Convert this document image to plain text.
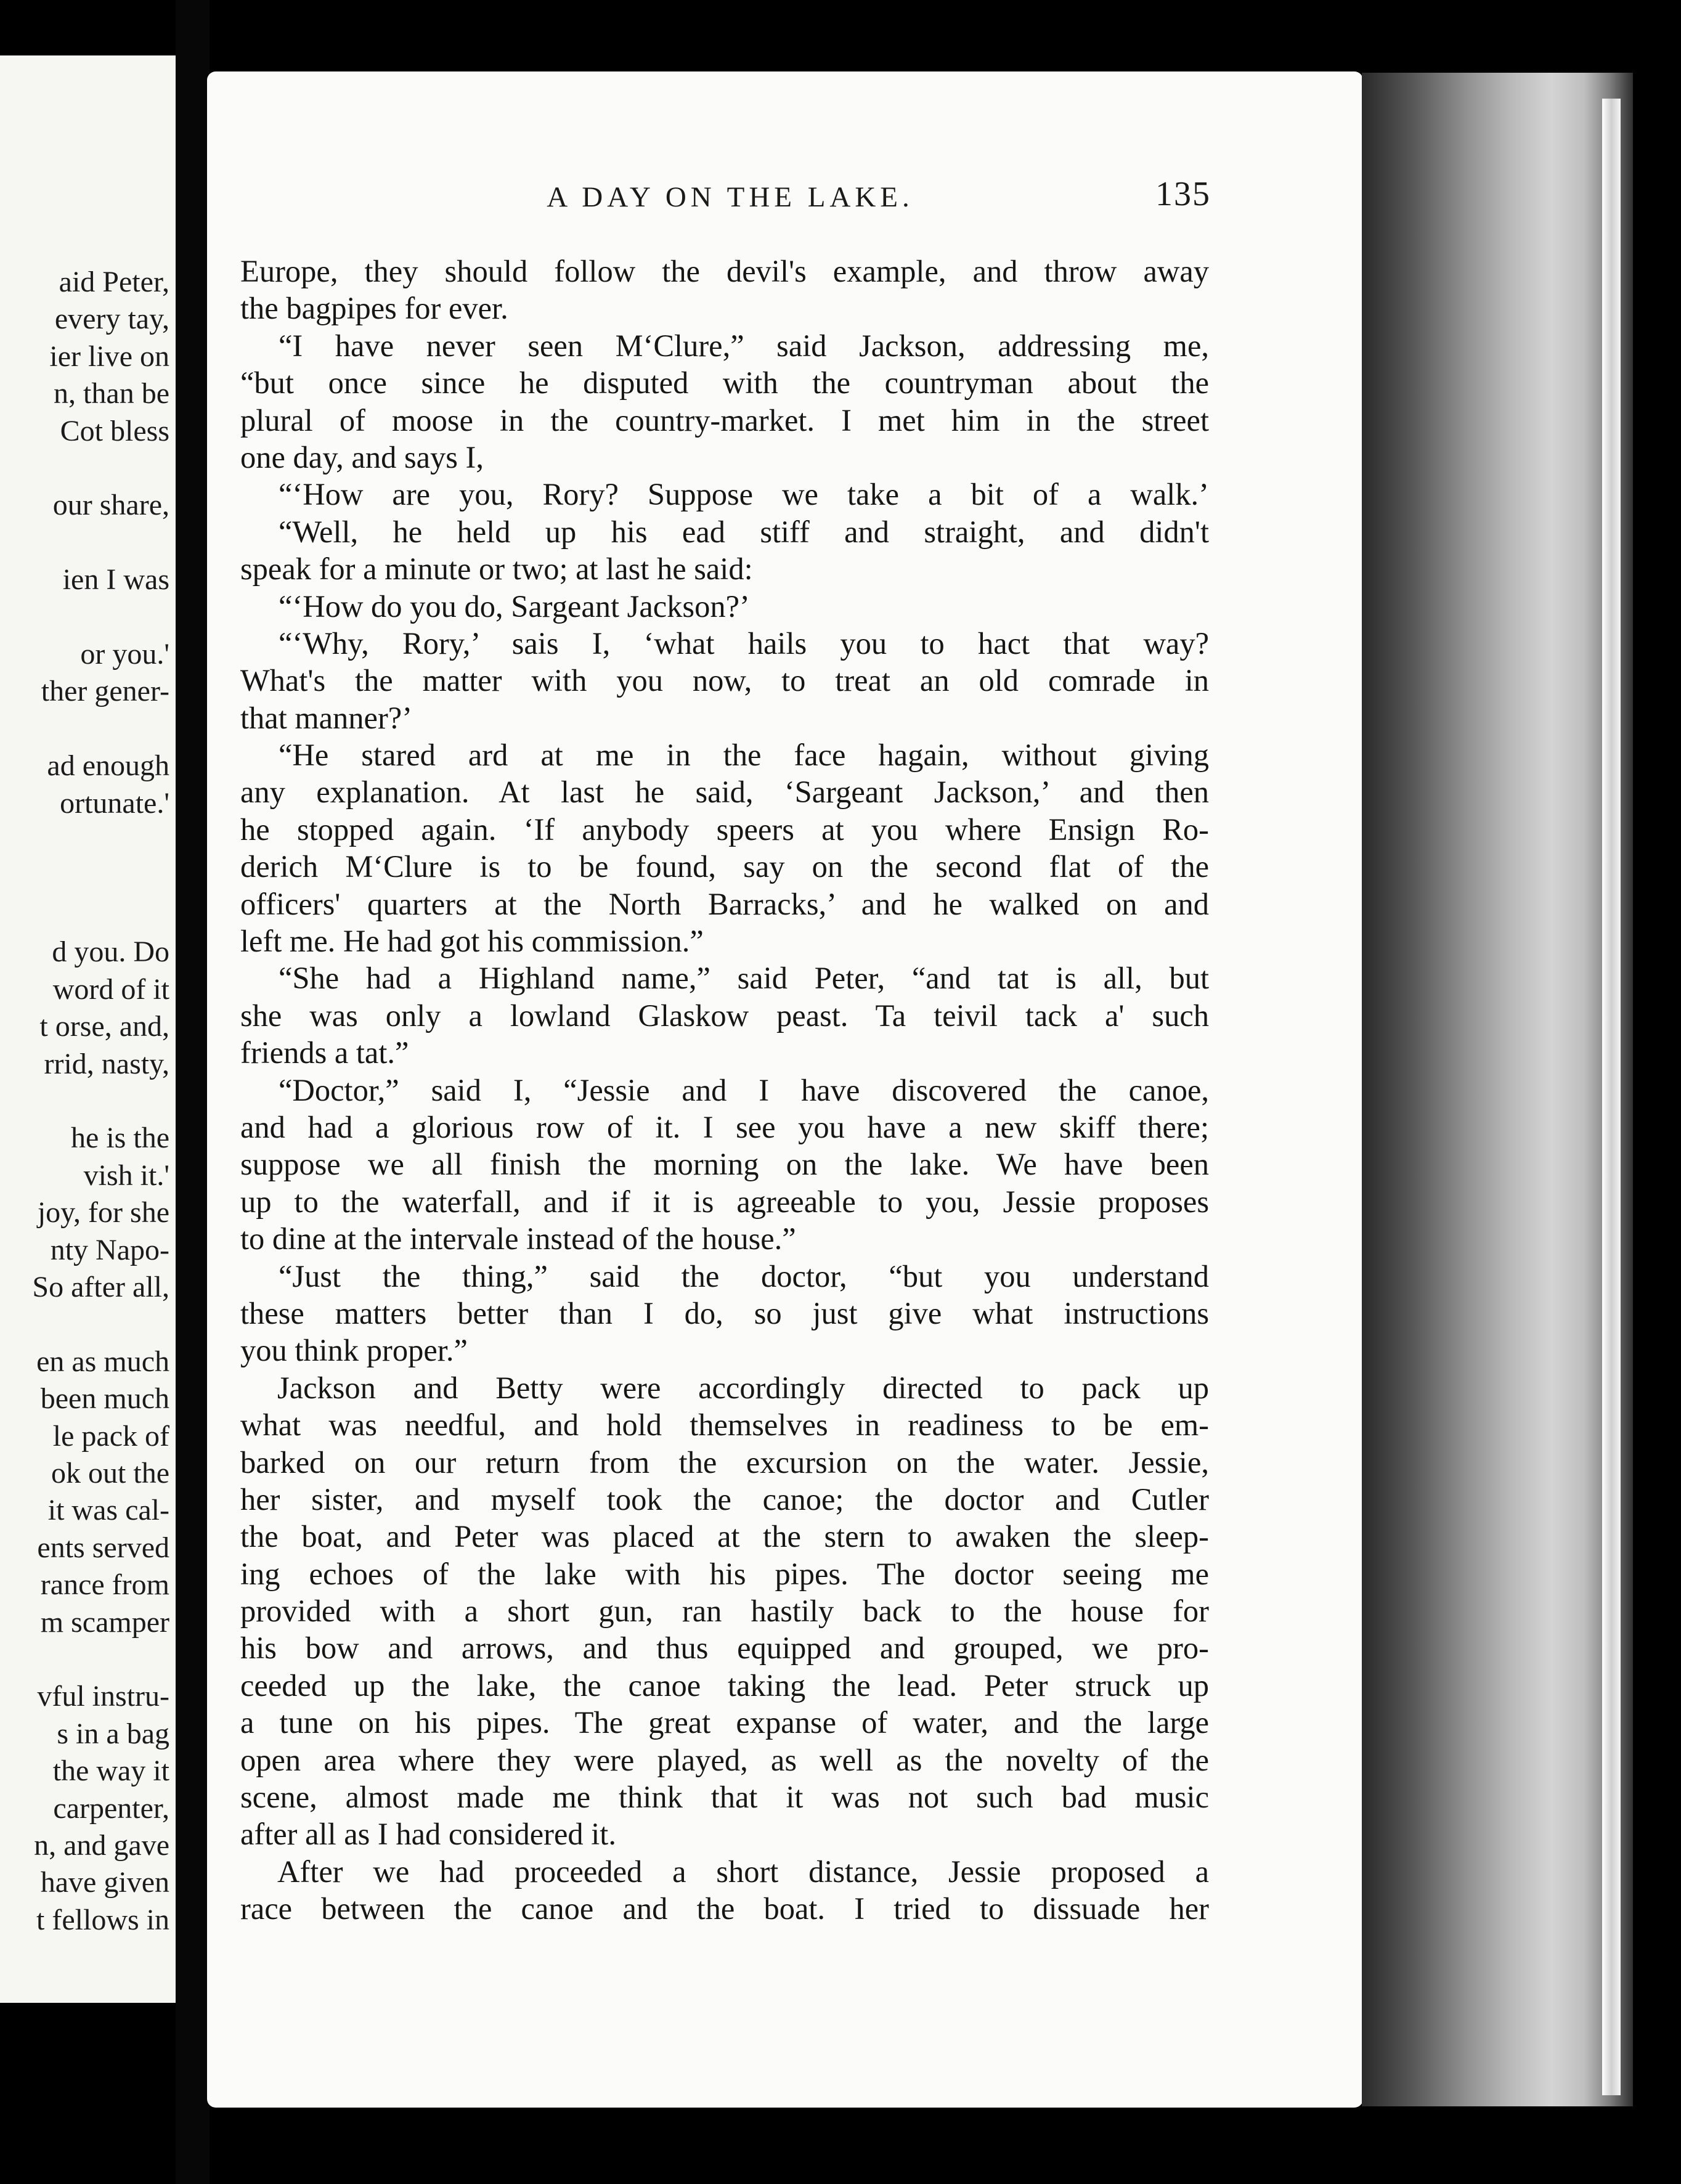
aid Peter,
every tay,
ier live on
n, than be
Cot bless

our share,

ien I was

or you.'
ther gener-

ad enough
ortunate.'

d you. Do
word of it
t orse, and,
rrid, nasty,

he is the
vish it.'
joy, for she
nty Napo-
So after all,

en as much
been much
le pack of
ok out the
it was cal-
ents served
rance from
m scamper

vful instru-
s in a bag
the way it
carpenter,
n, and gave
have given
t fellows in
A DAY ON THE LAKE.	135
Europe, they should follow the devil's example, and throw away
the bagpipes for ever.
“I have never seen M‘Clure,” said Jackson, addressing me,
“but once since he disputed with the countryman about the
plural of moose in the country-market. I met him in the street
one day, and says I,
“‘How are you, Rory? Suppose we take a bit of a walk.’
“Well, he held up his ead stiff and straight, and didn't
speak for a minute or two; at last he said:
“‘How do you do, Sargeant Jackson?’
“‘Why, Rory,’ sais I, ‘what hails you to hact that way?
What's the matter with you now, to treat an old comrade in
that manner?’
“He stared ard at me in the face hagain, without giving
any explanation. At last he said, ‘Sargeant Jackson,’ and then
he stopped again. ‘If anybody speers at you where Ensign Ro-
derich M‘Clure is to be found, say on the second flat of the
officers' quarters at the North Barracks,’ and he walked on and
left me. He had got his commission.”
“She had a Highland name,” said Peter, “and tat is all, but
she was only a lowland Glaskow peast. Ta teivil tack a' such
friends a tat.”
“Doctor,” said I, “Jessie and I have discovered the canoe,
and had a glorious row of it. I see you have a new skiff there;
suppose we all finish the morning on the lake. We have been
up to the waterfall, and if it is agreeable to you, Jessie proposes
to dine at the intervale instead of the house.”
“Just the thing,” said the doctor, “but you understand
these matters better than I do, so just give what instructions
you think proper.”
Jackson and Betty were accordingly directed to pack up
what was needful, and hold themselves in readiness to be em-
barked on our return from the excursion on the water. Jessie,
her sister, and myself took the canoe; the doctor and Cutler
the boat, and Peter was placed at the stern to awaken the sleep-
ing echoes of the lake with his pipes. The doctor seeing me
provided with a short gun, ran hastily back to the house for
his bow and arrows, and thus equipped and grouped, we pro-
ceeded up the lake, the canoe taking the lead. Peter struck up
a tune on his pipes. The great expanse of water, and the large
open area where they were played, as well as the novelty of the
scene, almost made me think that it was not such bad music
after all as I had considered it.
After we had proceeded a short distance, Jessie proposed a
race between the canoe and the boat. I tried to dissuade her
